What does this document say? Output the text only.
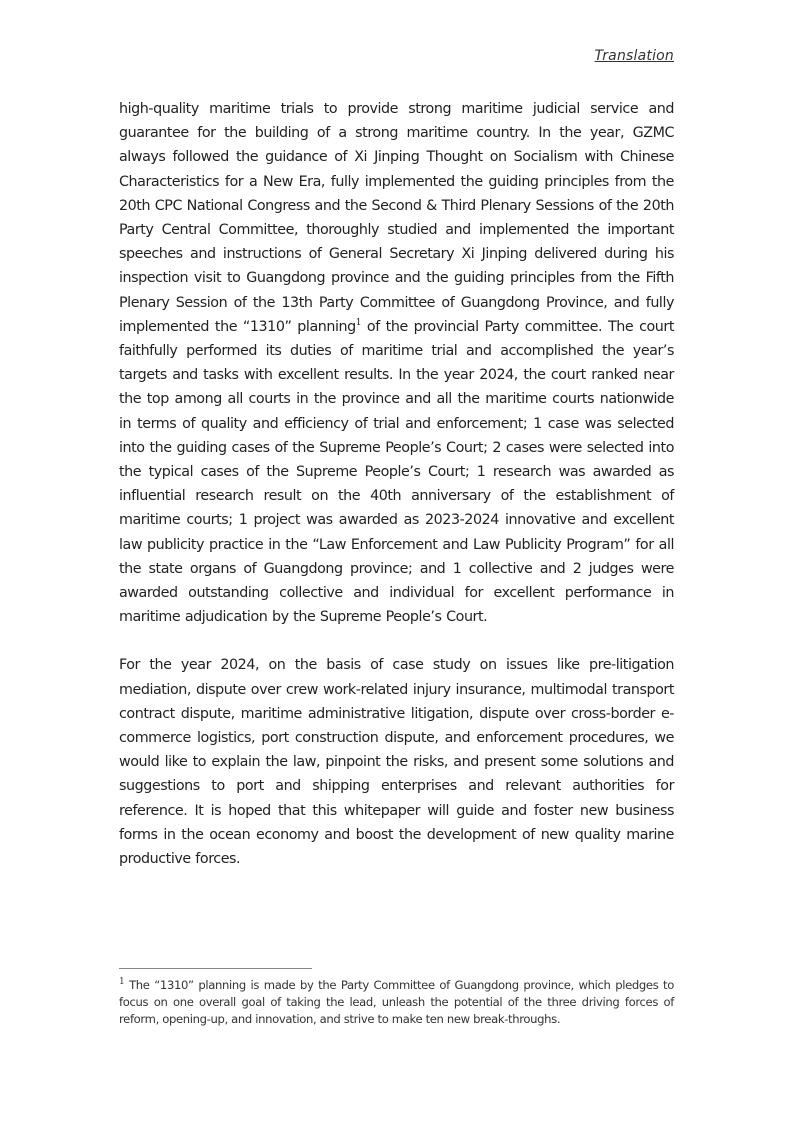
Translation

high-quality maritime trials to provide strong maritime judicial service and guarantee for the building of a strong maritime country. In the year, GZMC always followed the guidance of Xi Jinping Thought on Socialism with Chinese Characteristics for a New Era, fully implemented the guiding principles from the 20th CPC National Congress and the Second & Third Plenary Sessions of the 20th Party Central Committee, thoroughly studied and implemented the important speeches and instructions of General Secretary Xi Jinping delivered during his inspection visit to Guangdong province and the guiding principles from the Fifth Plenary Session of the 13th Party Committee of Guangdong Province, and fully implemented the “1310” planning$^1$ of the provincial Party committee. The court faithfully performed its duties of maritime trial and accomplished the year’s targets and tasks with excellent results. In the year 2024, the court ranked near the top among all courts in the province and all the maritime courts nationwide in terms of quality and efficiency of trial and enforcement; 1 case was selected into the guiding cases of the Supreme People’s Court; 2 cases were selected into the typical cases of the Supreme People’s Court; 1 research was awarded as influential research result on the 40th anniversary of the establishment of maritime courts; 1 project was awarded as 2023-2024 innovative and excellent law publicity practice in the “Law Enforcement and Law Publicity Program” for all the state organs of Guangdong province; and 1 collective and 2 judges were awarded outstanding collective and individual for excellent performance in maritime adjudication by the Supreme People’s Court.

For the year 2024, on the basis of case study on issues like pre-litigation mediation, dispute over crew work-related injury insurance, multimodal transport contract dispute, maritime administrative litigation, dispute over cross-border e-commerce logistics, port construction dispute, and enforcement procedures, we would like to explain the law, pinpoint the risks, and present some solutions and suggestions to port and shipping enterprises and relevant authorities for reference. It is hoped that this whitepaper will guide and foster new business forms in the ocean economy and boost the development of new quality marine productive forces.

$^1$ The “1310” planning is made by the Party Committee of Guangdong province, which pledges to focus on one overall goal of taking the lead, unleash the potential of the three driving forces of reform, opening-up, and innovation, and strive to make ten new break-throughs.
